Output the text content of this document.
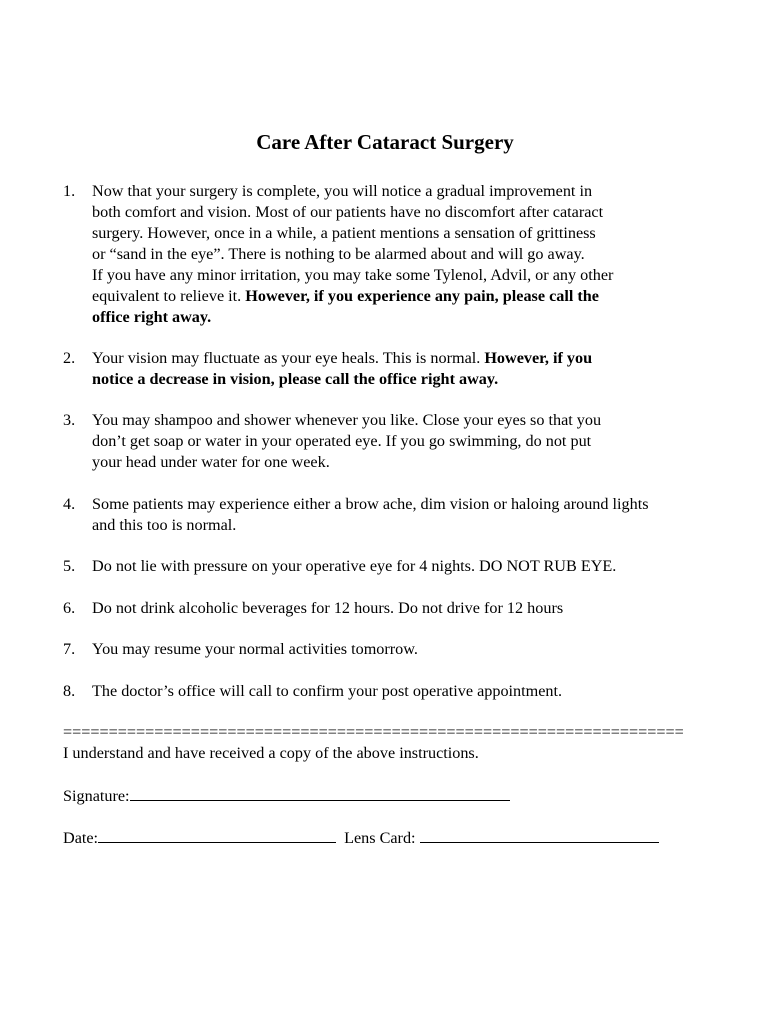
Care After Cataract Surgery
1. Now that your surgery is complete, you will notice a gradual improvement in
both comfort and vision. Most of our patients have no discomfort after cataract
surgery. However, once in a while, a patient mentions a sensation of grittiness
or “sand in the eye”. There is nothing to be alarmed about and will go away.
If you have any minor irritation, you may take some Tylenol, Advil, or any other
equivalent to relieve it. However, if you experience any pain, please call the
office right away.
2. Your vision may fluctuate as your eye heals. This is normal. However, if you
notice a decrease in vision, please call the office right away.
3. You may shampoo and shower whenever you like. Close your eyes so that you
don’t get soap or water in your operated eye. If you go swimming, do not put
your head under water for one week.
4. Some patients may experience either a brow ache, dim vision or haloing around lights
and this too is normal.
5. Do not lie with pressure on your operative eye for 4 nights. DO NOT RUB EYE.
6. Do not drink alcoholic beverages for 12 hours. Do not drive for 12 hours
7. You may resume your normal activities tomorrow.
8. The doctor’s office will call to confirm your post operative appointment.
====================================================================
I understand and have received a copy of the above instructions.
Signature:
Date:	Lens Card:
